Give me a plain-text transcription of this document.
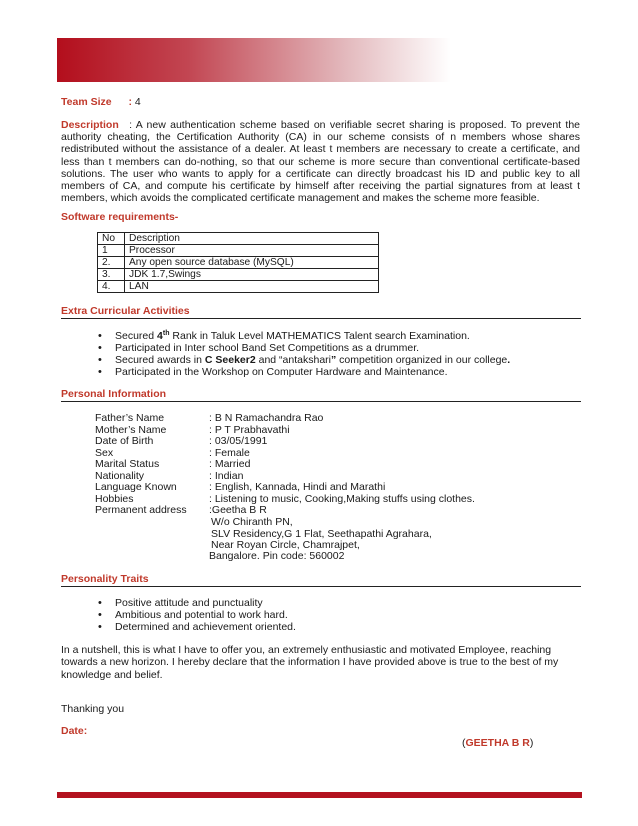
Team Size : 4
Description : A new authentication scheme based on verifiable secret sharing is proposed. To prevent the authority cheating, the Certification Authority (CA) in our scheme consists of n members whose shares redistributed without the assistance of a dealer. At least t members are necessary to create a certificate, and less than t members can do-nothing, so that our scheme is more secure than conventional certificate-based solutions. The user who wants to apply for a certificate can directly broadcast his ID and public key to all members of CA, and compute his certificate by himself after receiving the partial signatures from at least t members, which avoids the complicated certificate management and makes the scheme more feasible.
Software requirements-
No	Description
1	Processor
2.	Any open source database (MySQL)
3.	JDK 1.7,Swings
4.	LAN
Extra Curricular Activities
• Secured 4th Rank in Taluk Level MATHEMATICS Talent search Examination.
• Participated in Inter school Band Set Competitions as a drummer.
• Secured awards in C Seeker2 and “antakshari” competition organized in our college.
• Participated in the Workshop on Computer Hardware and Maintenance.
Personal Information
Father’s Name	: B N Ramachandra Rao
Mother’s Name	: P T Prabhavathi
Date of Birth	: 03/05/1991
Sex	: Female
Marital Status	: Married
Nationality	: Indian
Language Known	: English, Kannada, Hindi and Marathi
Hobbies	: Listening to music, Cooking,Making stuffs using clothes.
Permanent address :Geetha B R
W/o Chiranth PN,
SLV Residency,G 1 Flat, Seethapathi Agrahara,
Near Royan Circle, Chamrajpet,
Bangalore. Pin code: 560002
Personality Traits
• Positive attitude and punctuality
• Ambitious and potential to work hard.
• Determined and achievement oriented.
In a nutshell, this is what I have to offer you, an extremely enthusiastic and motivated Employee, reaching towards a new horizon. I hereby declare that the information I have provided above is true to the best of my knowledge and belief.
Thanking you
Date:
(GEETHA B R)
